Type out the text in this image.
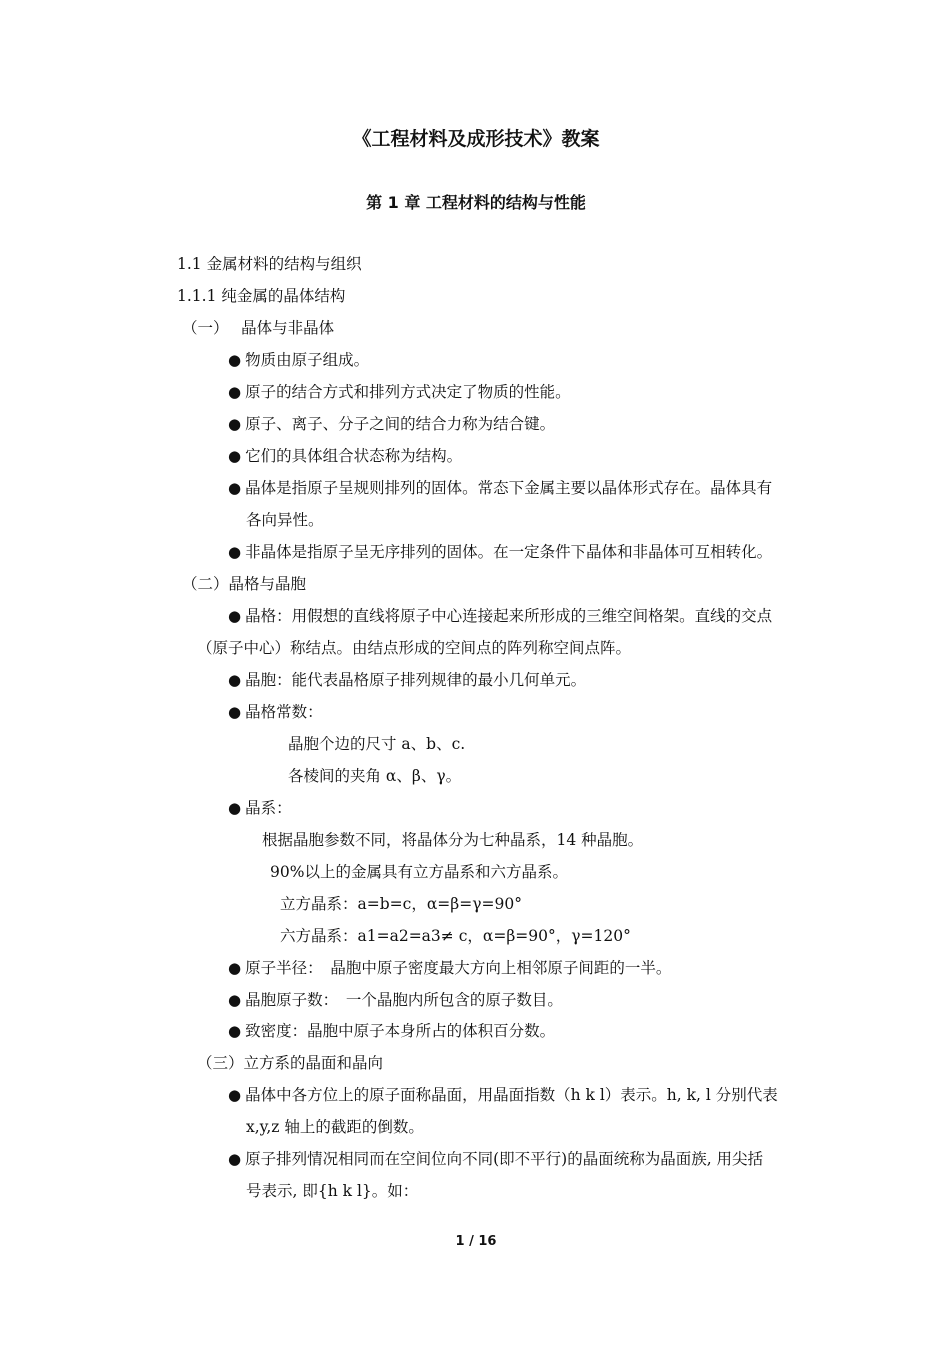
《工程材料及成形技术》教案
第 1 章 工程材料的结构与性能
1.1 金属材料的结构与组织
1.1.1 纯金属的晶体结构
（一）　 晶体与非晶体
● 物质由原子组成。
● 原子的结合方式和排列方式决定了物质的性能。
● 原子、离子、分子之间的结合力称为结合键。
● 它们的具体组合状态称为结构。
● 晶体是指原子呈规则排列的固体。常态下金属主要以晶体形式存在。晶体具有
各向异性。
● 非晶体是指原子呈无序排列的固体。在一定条件下晶体和非晶体可互相转化。
（二）晶格与晶胞
● 晶格：用假想的直线将原子中心连接起来所形成的三维空间格架。直线的交点
（原子中心）称结点。由结点形成的空间点的阵列称空间点阵。
● 晶胞：能代表晶格原子排列规律的最小几何单元。
● 晶格常数：
晶胞个边的尺寸 a、b、c.
各棱间的夹角 α、β、γ。
● 晶系：
根据晶胞参数不同，将晶体分为七种晶系，14 种晶胞。
90%以上的金属具有立方晶系和六方晶系。
立方晶系：a=b=c，α=β=γ=90°
六方晶系：a1=a2=a3≠ c，α=β=90°，γ=120°
● 原子半径：　晶胞中原子密度最大方向上相邻原子间距的一半。
● 晶胞原子数：　一个晶胞内所包含的原子数目。
● 致密度：晶胞中原子本身所占的体积百分数。
（三）立方系的晶面和晶向
● 晶体中各方位上的原子面称晶面，用晶面指数（h k l）表示。h, k, l 分别代表
x,y,z 轴上的截距的倒数。
● 原子排列情况相同而在空间位向不同(即不平行)的晶面统称为晶面族, 用尖括
号表示, 即{h k l}。如：
1 / 16
